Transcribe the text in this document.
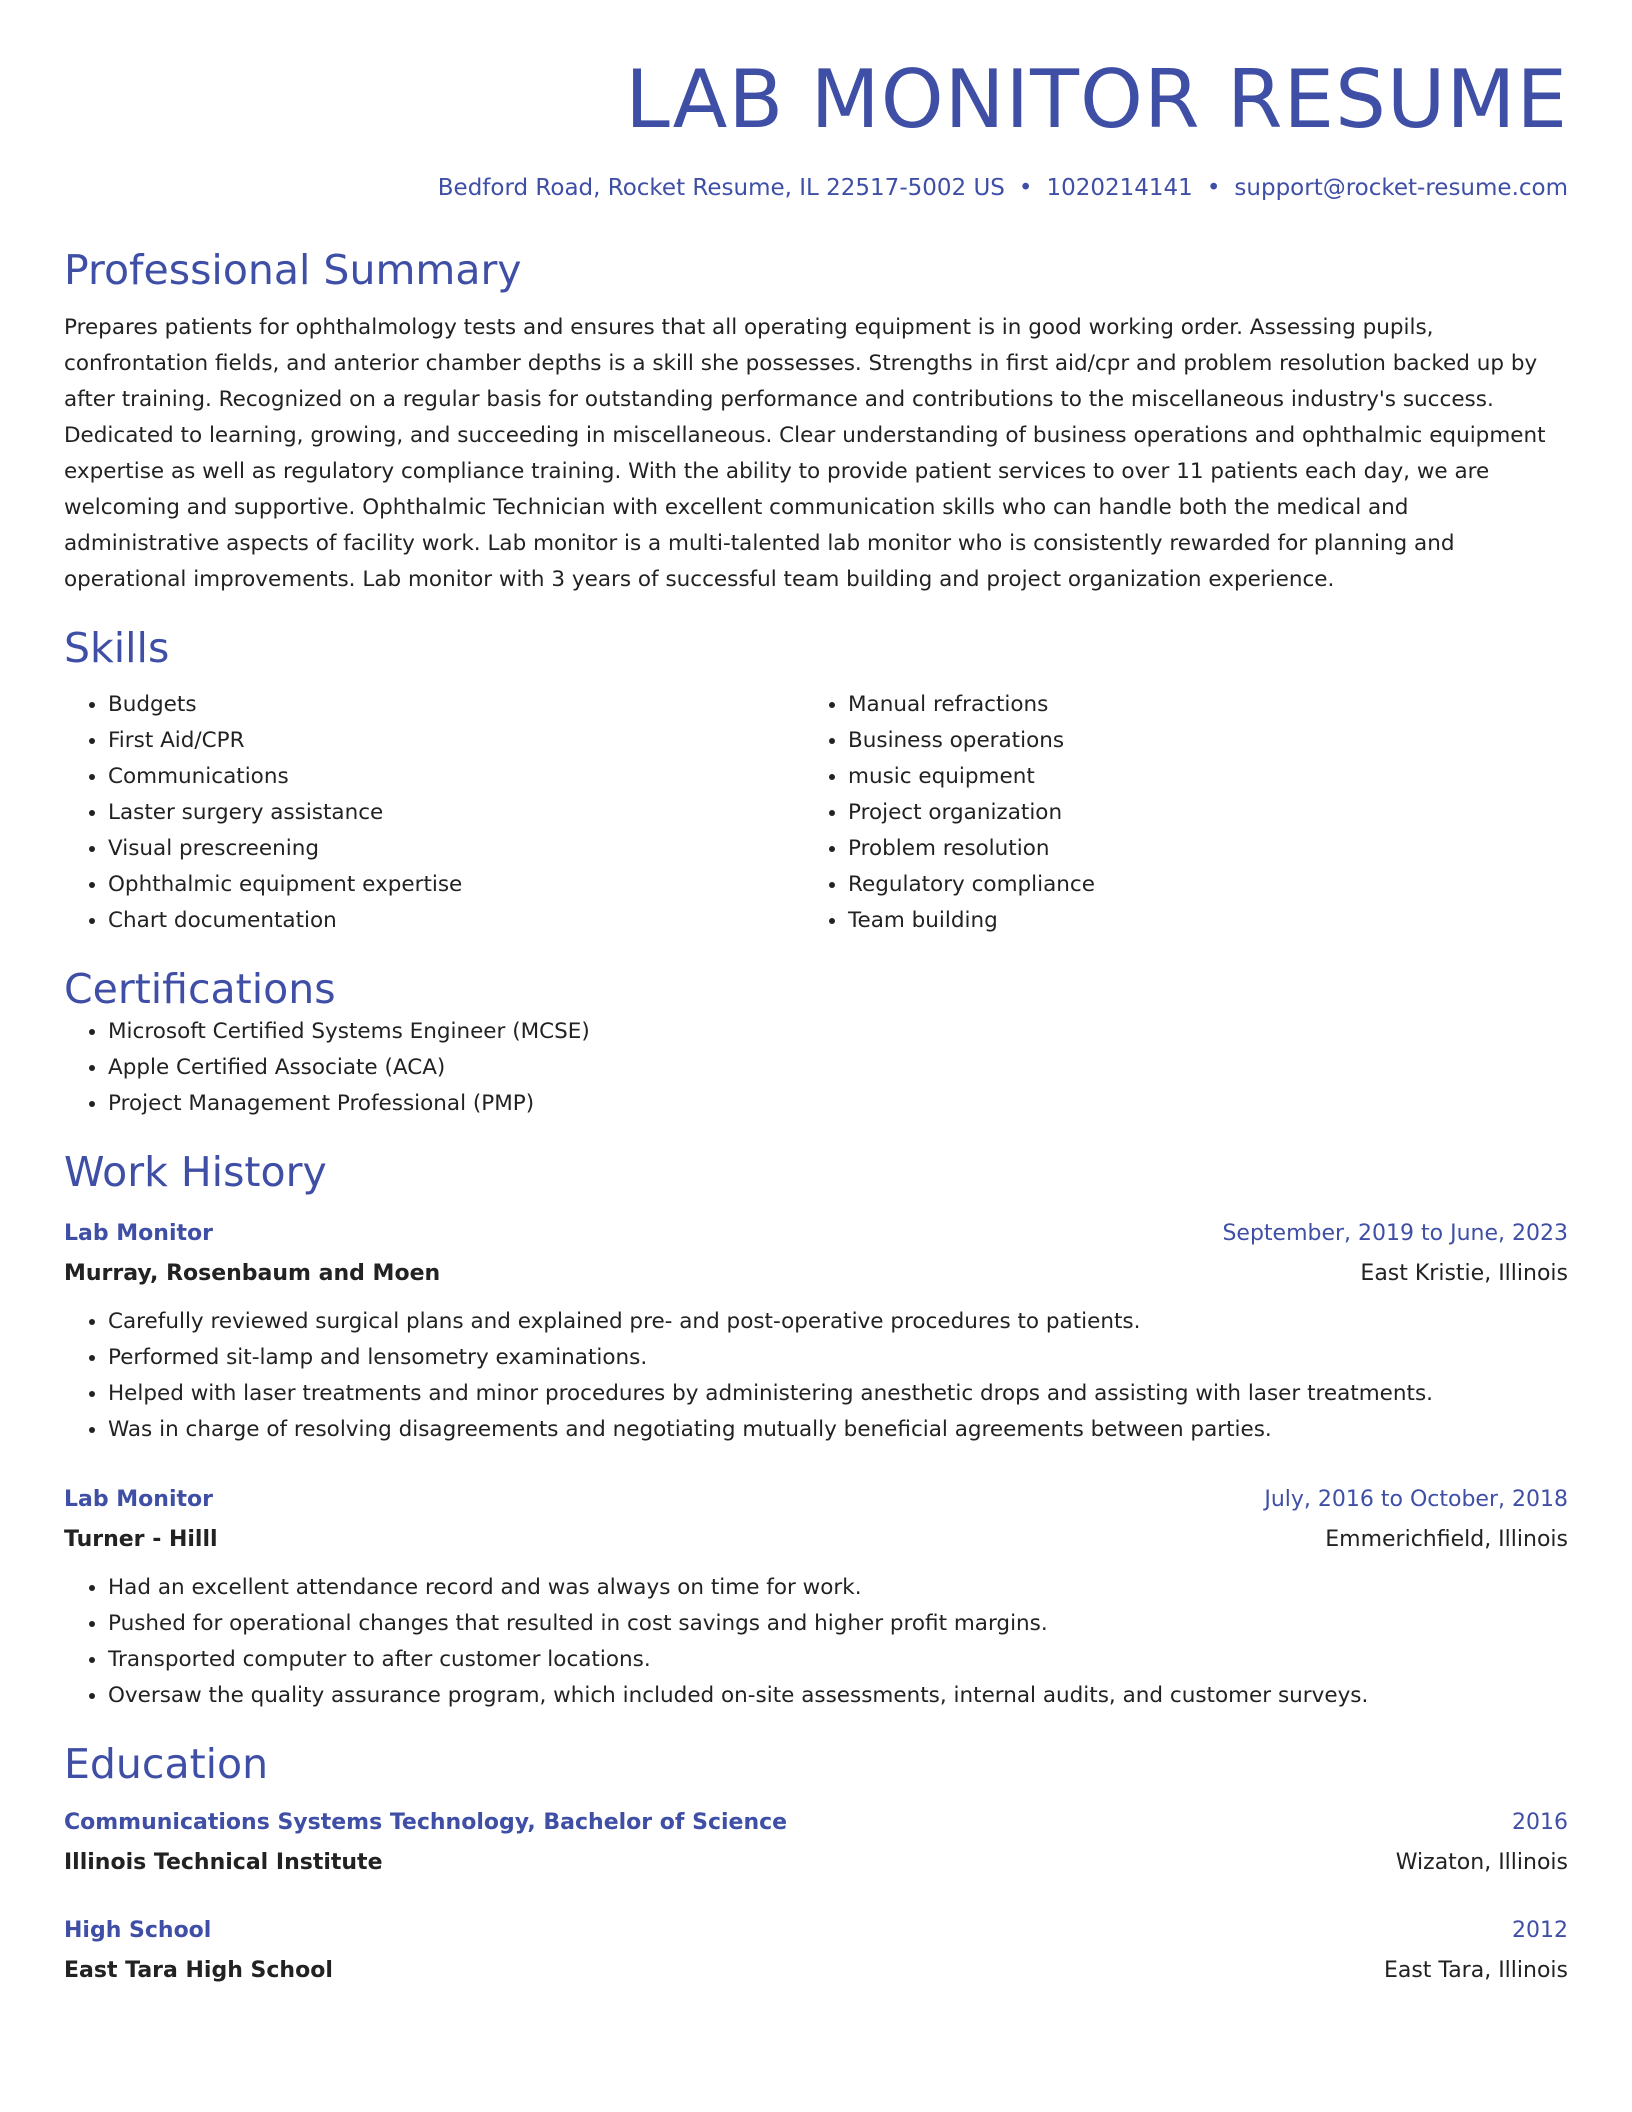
LAB MONITOR RESUME
Bedford Road, Rocket Resume, IL 22517-5002 US • 1020214141 • support@rocket-resume.com
Professional Summary

Prepares patients for ophthalmology tests and ensures that all operating equipment is in good working order. Assessing pupils, confrontation fields, and anterior chamber depths is a skill she possesses. Strengths in first aid/cpr and problem resolution backed up by after training. Recognized on a regular basis for outstanding performance and contributions to the miscellaneous industry's success. Dedicated to learning, growing, and succeeding in miscellaneous. Clear understanding of business operations and ophthalmic equipment expertise as well as regulatory compliance training. With the ability to provide patient services to over 11 patients each day, we are welcoming and supportive. Ophthalmic Technician with excellent communication skills who can handle both the medical and administrative aspects of facility work. Lab monitor is a multi-talented lab monitor who is consistently rewarded for planning and operational improvements. Lab monitor with 3 years of successful team building and project organization experience.

Skills
• Budgets
• First Aid/CPR
• Communications
• Laster surgery assistance
• Visual prescreening
• Ophthalmic equipment expertise
• Chart documentation
• Manual refractions
• Business operations
• music equipment
• Project organization
• Problem resolution
• Regulatory compliance
• Team building
Certifications
• Microsoft Certified Systems Engineer (MCSE)
• Apple Certified Associate (ACA)
• Project Management Professional (PMP)
Work History
Lab Monitor	September, 2019 to June, 2023
Murray, Rosenbaum and Moen	East Kristie, Illinois
• Carefully reviewed surgical plans and explained pre- and post-operative procedures to patients.
• Performed sit-lamp and lensometry examinations.
• Helped with laser treatments and minor procedures by administering anesthetic drops and assisting with laser treatments.
• Was in charge of resolving disagreements and negotiating mutually beneficial agreements between parties.
Lab Monitor	July, 2016 to October, 2018
Turner - Hilll	Emmerichfield, Illinois
• Had an excellent attendance record and was always on time for work.
• Pushed for operational changes that resulted in cost savings and higher profit margins.
• Transported computer to after customer locations.
• Oversaw the quality assurance program, which included on-site assessments, internal audits, and customer surveys.
Education
Communications Systems Technology, Bachelor of Science	2016
Illinois Technical Institute	Wizaton, Illinois
High School	2012
East Tara High School	East Tara, Illinois
